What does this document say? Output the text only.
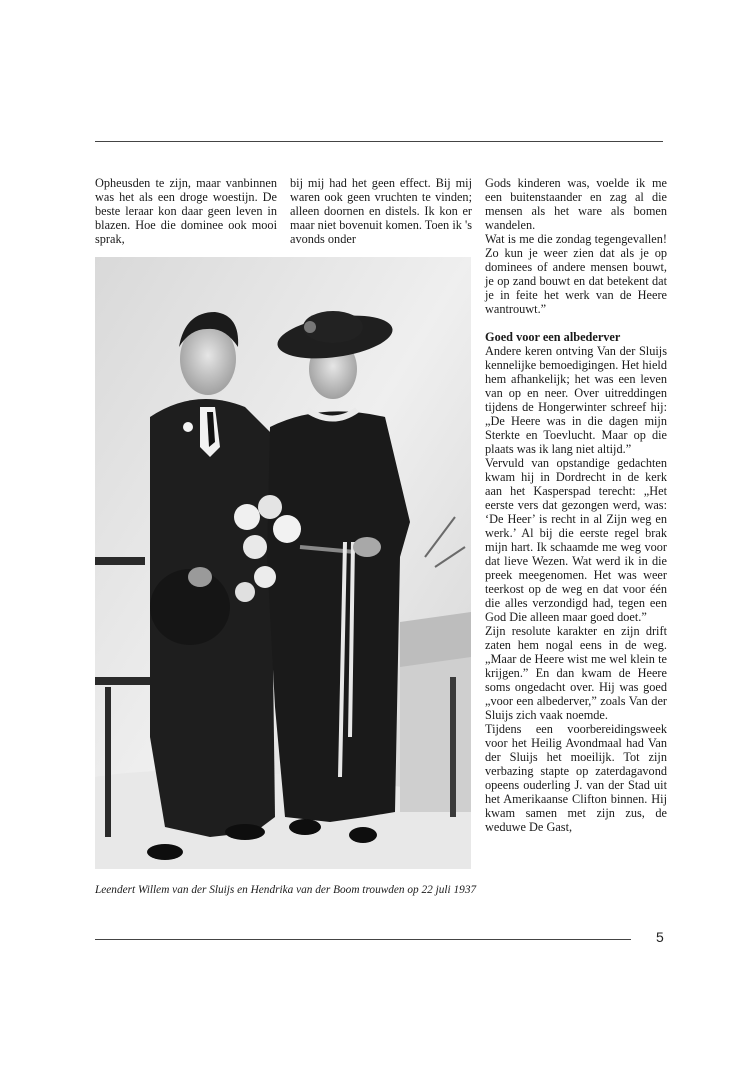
Opheusden te zijn, maar vanbinnen was het als een droge woestijn. De beste leraar kon daar geen leven in blazen. Hoe die dominee ook mooi sprak,

bij mij had het geen effect. Bij mij waren ook geen vruchten te vinden; alleen doornen en distels. Ik kon er maar niet bovenuit komen. Toen ik 's avonds onder

Gods kinderen was, voelde ik me een buitenstaander en zag al die mensen als het ware als bomen wandelen.

Wat is me die zondag tegengevallen! Zo kun je weer zien dat als je op dominees of andere mensen bouwt, je op zand bouwt en dat betekent dat je in feite het werk van de Heere wantrouwt.”

Goed voor een albederver

Andere keren ontving Van der Sluijs kennelijke bemoedigingen. Het hield hem afhankelijk; het was een leven van op en neer. Over uitreddingen tijdens de Hongerwinter schreef hij: „De Heere was in die dagen mijn Sterkte en Toevlucht. Maar op die plaats was ik lang niet altijd.”

Vervuld van opstandige gedachten kwam hij in Dordrecht in de kerk aan het Kasperspad terecht: „Het eerste vers dat gezongen werd, was: ‘De Heer’ is recht in al Zijn weg en werk.’ Al bij die eerste regel brak mijn hart. Ik schaamde me weg voor dat lieve Wezen. Wat werd ik in die preek meegenomen. Het was weer teerkost op de weg en dat voor één die alles verzondigd had, tegen een God Die alleen maar goed doet.”

Zijn resolute karakter en zijn drift zaten hem nogal eens in de weg. „Maar de Heere wist me wel klein te krijgen.” En dan kwam de Heere soms ongedacht over. Hij was goed „voor een albederver,” zoals Van der Sluijs zich vaak noemde.

Tijdens een voorbereidingsweek voor het Heilig Avondmaal had Van der Sluijs het moeilijk. Tot zijn verbazing stapte op zaterdagavond opeens ouderling J. van der Stad uit het Amerikaanse Clifton binnen. Hij kwam samen met zijn zus, de weduwe De Gast,

Leendert Willem van der Sluijs en Hendrika van der Boom trouwden op 22 juli 1937
5
